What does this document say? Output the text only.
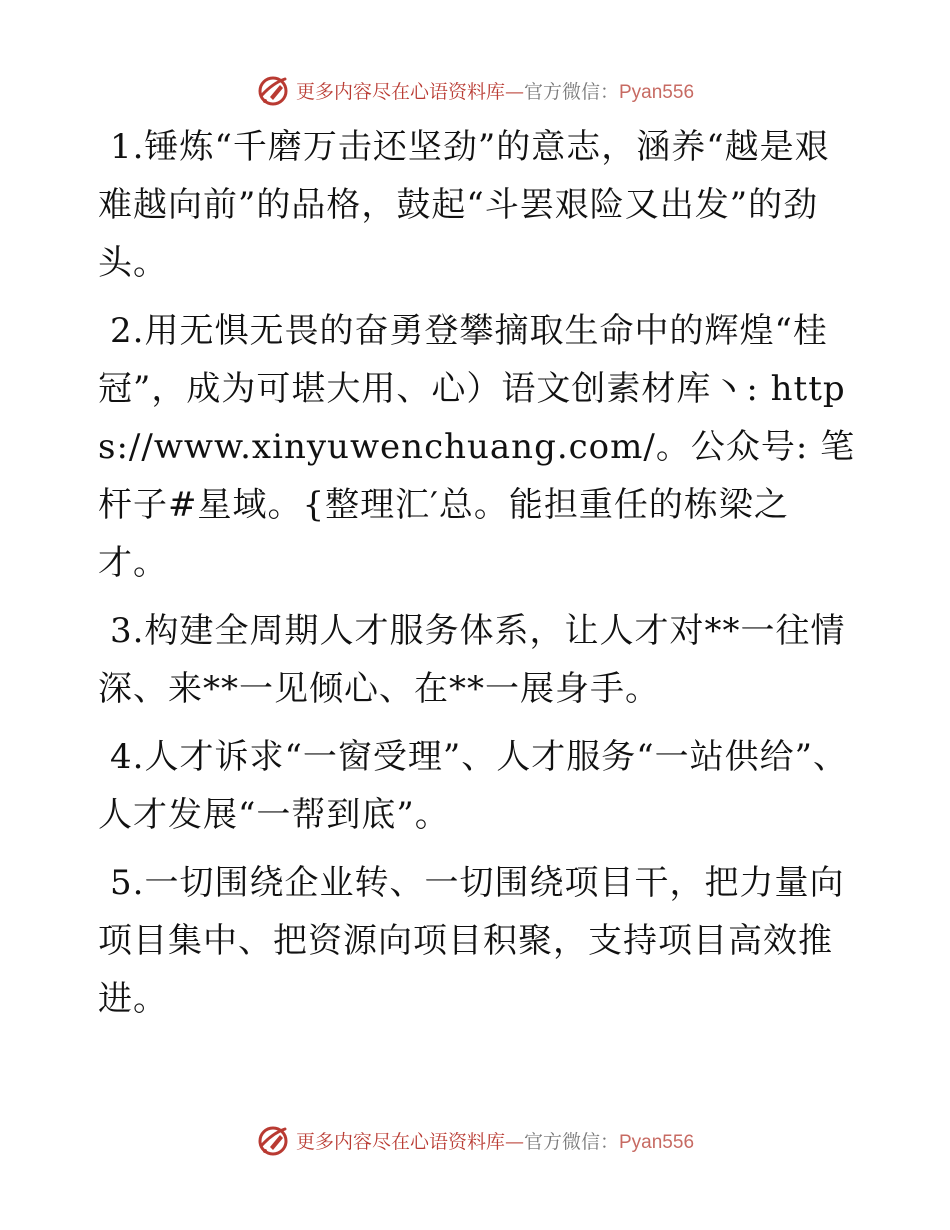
更多内容尽在心语资料库—官方微信：Pyan556

1.锤炼“千磨万击还坚劲”的意志，涵养“越是艰难越向前”的品格，鼓起“斗罢艰险又出发”的劲头。

2.用无惧无畏的奋勇登攀摘取生命中的辉煌“桂冠”，成为可堪大用、心）语文创素材库丶: https://www.xinyuwenchuang.com/。公众号: 笔杆子#星域。{整理汇′总。能担重任的栋梁之才。

3.构建全周期人才服务体系，让人才对**一往情深、来**一见倾心、在**一展身手。

4.人才诉求“一窗受理”、人才服务“一站供给”、人才发展“一帮到底”。

5.一切围绕企业转、一切围绕项目干，把力量向项目集中、把资源向项目积聚，支持项目高效推进。

更多内容尽在心语资料库—官方微信：Pyan556
